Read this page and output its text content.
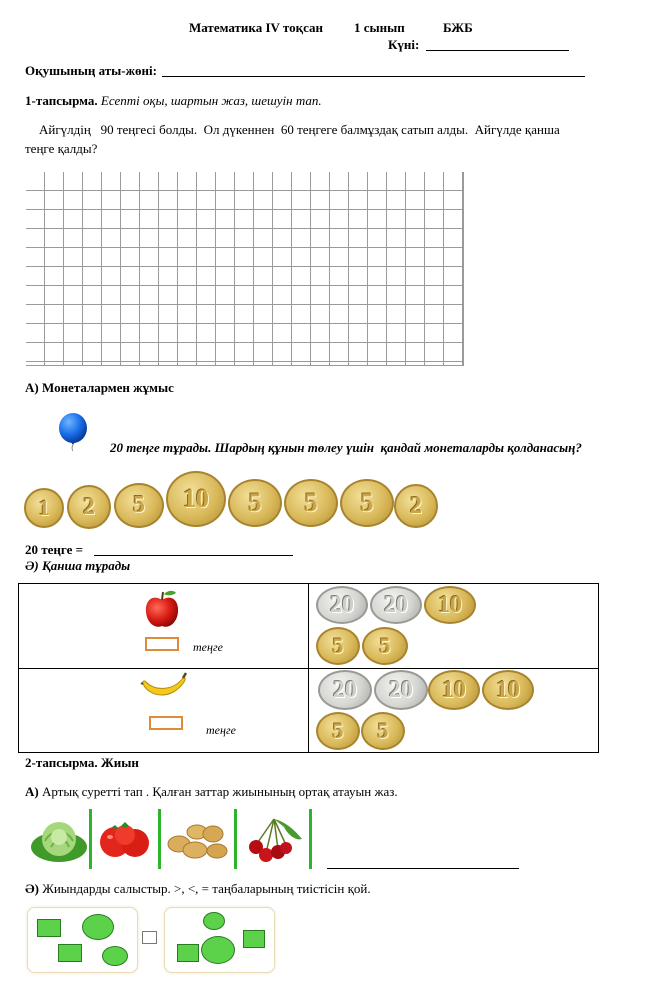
Математика IV тоқсан 1 сынып	БЖБ
Күні:
Оқушының аты-жөні:
1-тапсырма. Есепті оқы, шартын жаз, шешуін тап.
Айгүлдің   90 теңгесі болды.  Ол дүкеннен  60 теңгеге балмұздақ сатып алды.  Айгүлде қанша
теңге қалды?
А) Монеталармен жұмыс
20 теңге тұрады. Шардың құнын төлеу үшін  қандай монеталарды қолданасың?
1 2 5 10 5 5 5 2
20 теңге =
Ә) Қанша тұрады
теңге
20 20 10
5 5
теңге
20 20 10 10
5 5
2-тапсырма. Жиын
А) Артық суретті тап . Қалған заттар жиынының ортақ атауын жаз.
Ә) Жиындарды салыстыр. >, <, = таңбаларының тиістісін қой.
